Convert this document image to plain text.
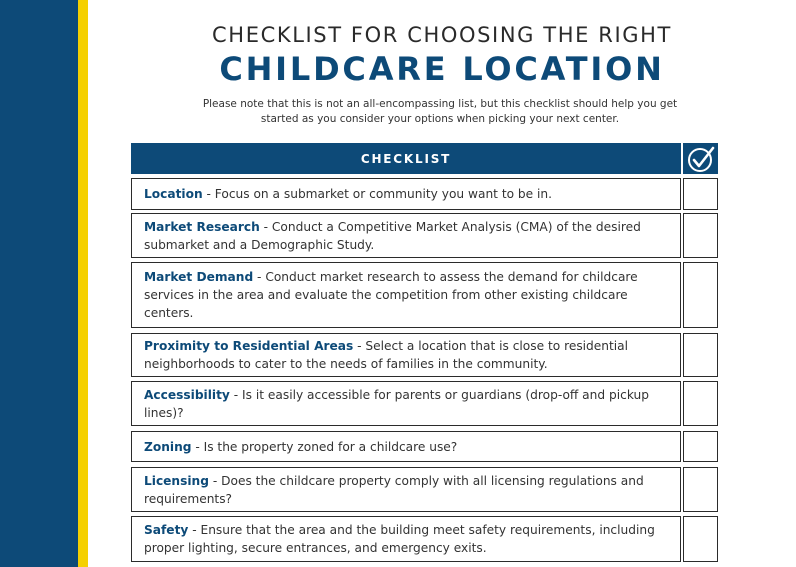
CHECKLIST FOR CHOOSING THE RIGHT
CHILDCARE LOCATION
Please note that this is not an all-encompassing list, but this checklist should help you get started as you consider your options when picking your next center.
CHECKLIST
Location - Focus on a submarket or community you want to be in.
Market Research - Conduct a Competitive Market Analysis (CMA) of the desired submarket and a Demographic Study.
Market Demand - Conduct market research to assess the demand for childcare services in the area and evaluate the competition from other existing childcare centers.
Proximity to Residential Areas - Select a location that is close to residential neighborhoods to cater to the needs of families in the community.
Accessibility - Is it easily accessible for parents or guardians (drop-off and pickup lines)?
Zoning - Is the property zoned for a childcare use?
Licensing - Does the childcare property comply with all licensing regulations and requirements?
Safety - Ensure that the area and the building meet safety requirements, including proper lighting, secure entrances, and emergency exits.
